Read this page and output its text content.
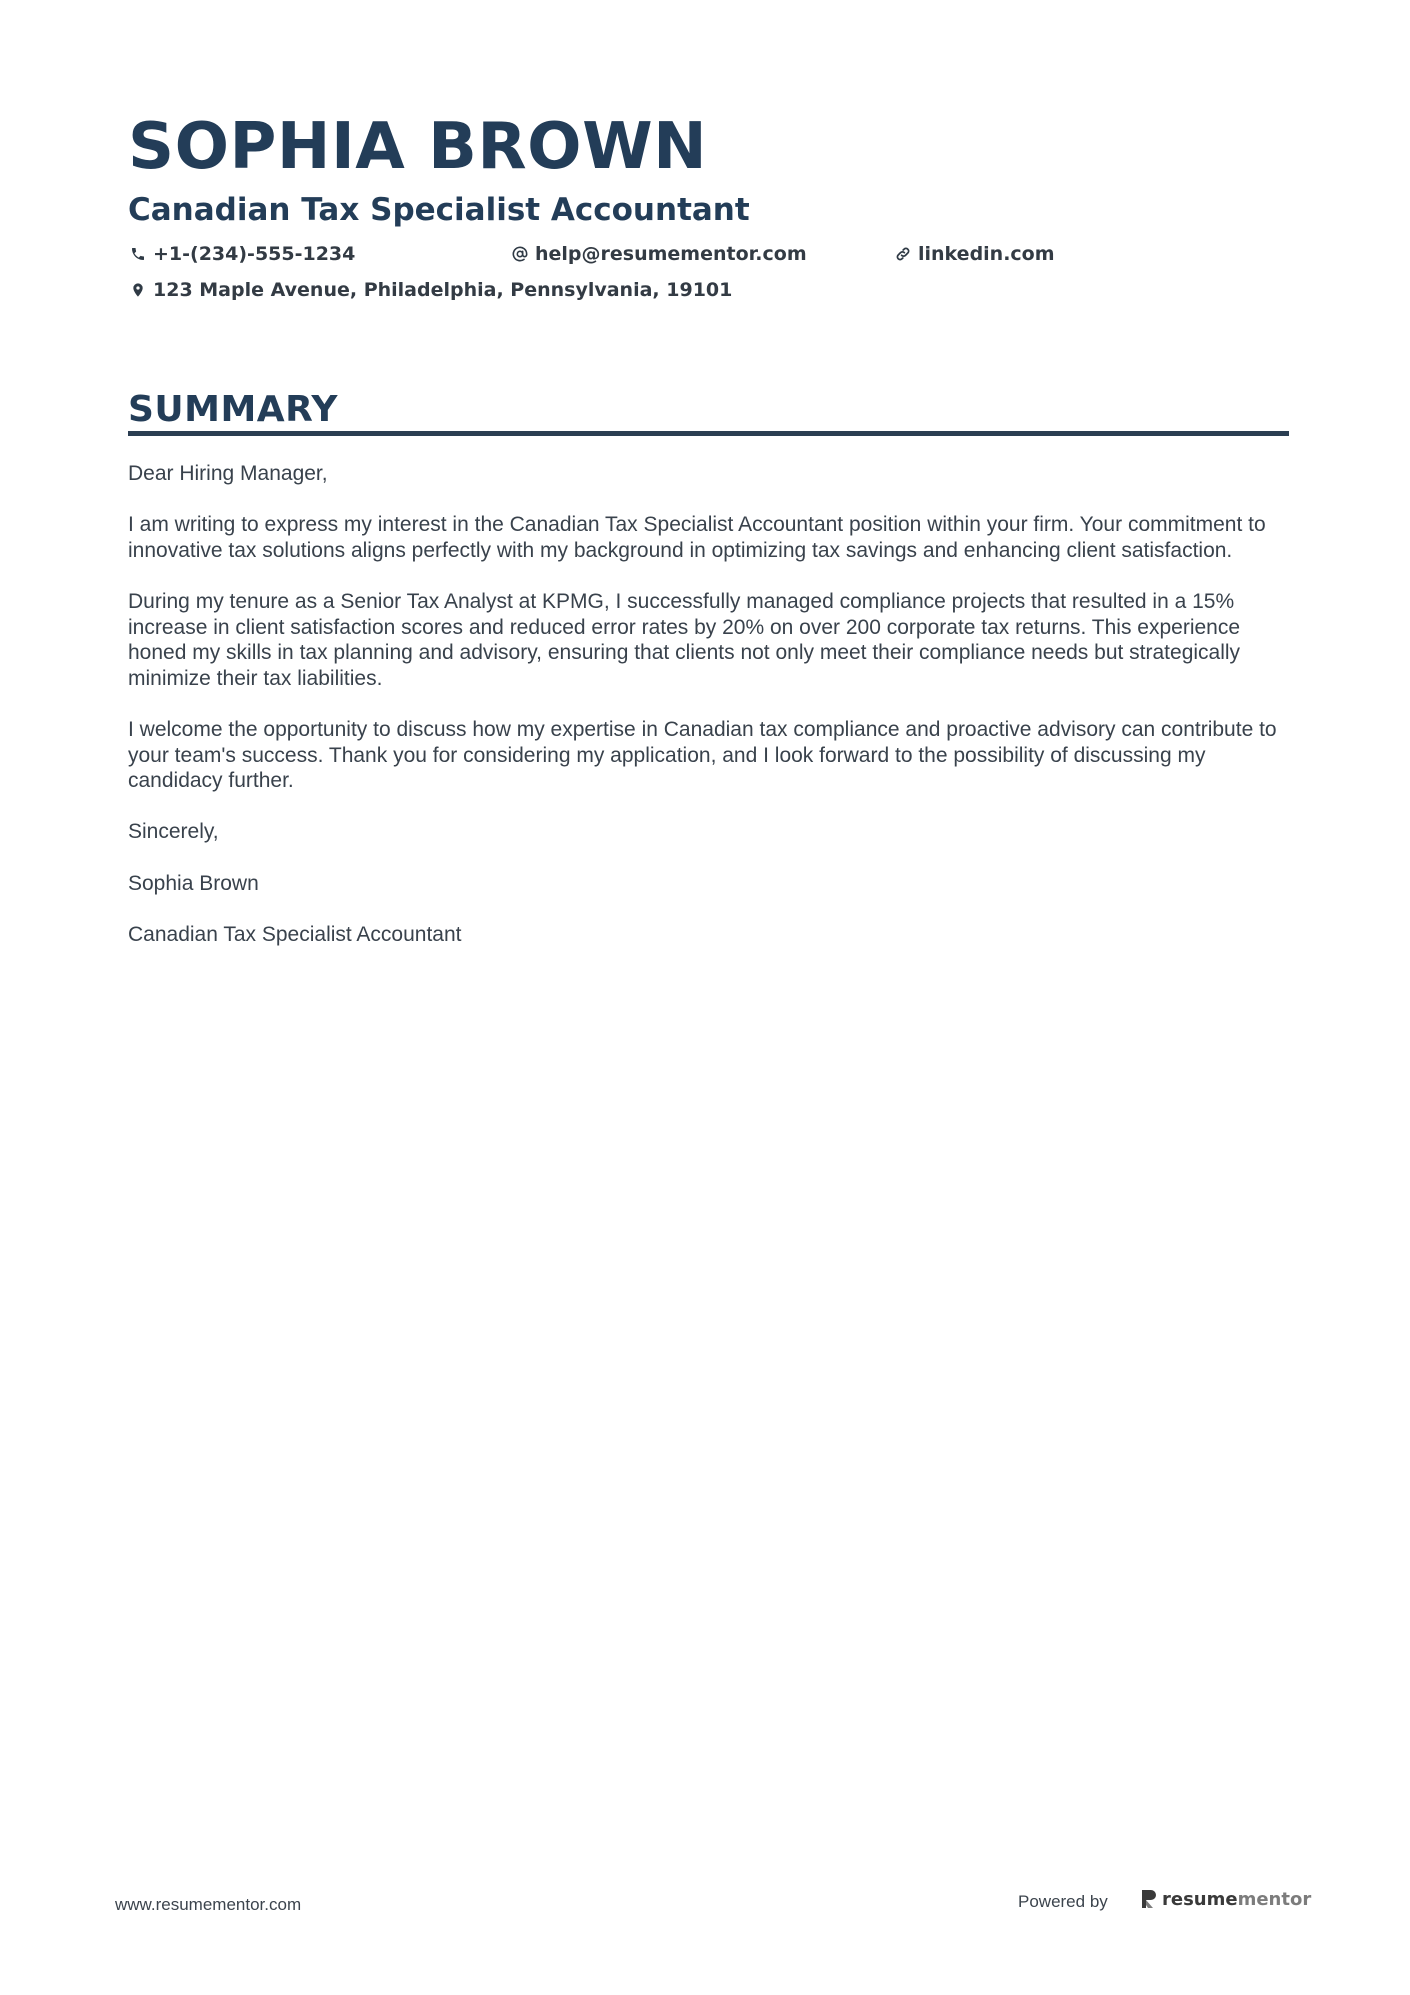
SOPHIA BROWN
Canadian Tax Specialist Accountant
+1-(234)-555-1234	help@resumementor.com	linkedin.com
123 Maple Avenue, Philadelphia, Pennsylvania, 19101
SUMMARY

Dear Hiring Manager,

I am writing to express my interest in the Canadian Tax Specialist Accountant position within your firm. Your commitment to innovative tax solutions aligns perfectly with my background in optimizing tax savings and enhancing client satisfaction.

During my tenure as a Senior Tax Analyst at KPMG, I successfully managed compliance projects that resulted in a 15% increase in client satisfaction scores and reduced error rates by 20% on over 200 corporate tax returns. This experience honed my skills in tax planning and advisory, ensuring that clients not only meet their compliance needs but strategically minimize their tax liabilities.

I welcome the opportunity to discuss how my expertise in Canadian tax compliance and proactive advisory can contribute to your team's success. Thank you for considering my application, and I look forward to the possibility of discussing my candidacy further.

Sincerely,

Sophia Brown

Canadian Tax Specialist Accountant

www.resumementor.com	Powered by	resume mentor
